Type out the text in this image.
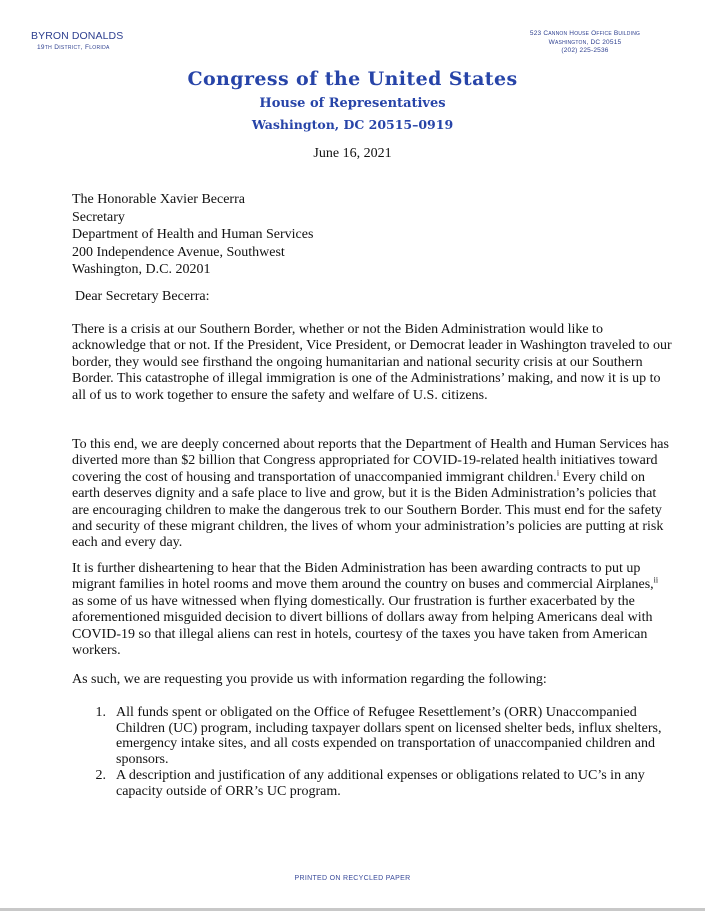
BYRON DONALDS
19th District, Florida
523 Cannon House Office Building
Washington, DC 20515
(202) 225-2536
Congress of the United States
House of Representatives
Washington, DC 20515–0919
June 16, 2021
The Honorable Xavier Becerra
Secretary
Department of Health and Human Services
200 Independence Avenue, Southwest
Washington, D.C. 20201
Dear Secretary Becerra:

There is a crisis at our Southern Border, whether or not the Biden Administration would like to acknowledge that or not. If the President, Vice President, or Democrat leader in Washington traveled to our border, they would see firsthand the ongoing humanitarian and national security crisis at our Southern Border. This catastrophe of illegal immigration is one of the Administrations’ making, and now it is up to all of us to work together to ensure the safety and welfare of U.S. citizens.

To this end, we are deeply concerned about reports that the Department of Health and Human Services has diverted more than $2 billion that Congress appropriated for COVID-19-related health initiatives toward covering the cost of housing and transportation of unaccompanied immigrant children.$^i$ Every child on earth deserves dignity and a safe place to live and grow, but it is the Biden Administration’s policies that are encouraging children to make the dangerous trek to our Southern Border. This must end for the safety and security of these migrant children, the lives of whom your administration’s policies are putting at risk each and every day.

It is further disheartening to hear that the Biden Administration has been awarding contracts to put up migrant families in hotel rooms and move them around the country on buses and commercial Airplanes,$^{ii}$ as some of us have witnessed when flying domestically. Our frustration is further exacerbated by the aforementioned misguided decision to divert billions of dollars away from helping Americans deal with COVID-19 so that illegal aliens can rest in hotels, courtesy of the taxes you have taken from American workers.

As such, we are requesting you provide us with information regarding the following:

1. All funds spent or obligated on the Office of Refugee Resettlement’s (ORR) Unaccompanied Children (UC) program, including taxpayer dollars spent on licensed shelter beds, influx shelters, emergency intake sites, and all costs expended on transportation of unaccompanied children and sponsors.
2. A description and justification of any additional expenses or obligations related to UC’s in any capacity outside of ORR’s UC program.
PRINTED ON RECYCLED PAPER
